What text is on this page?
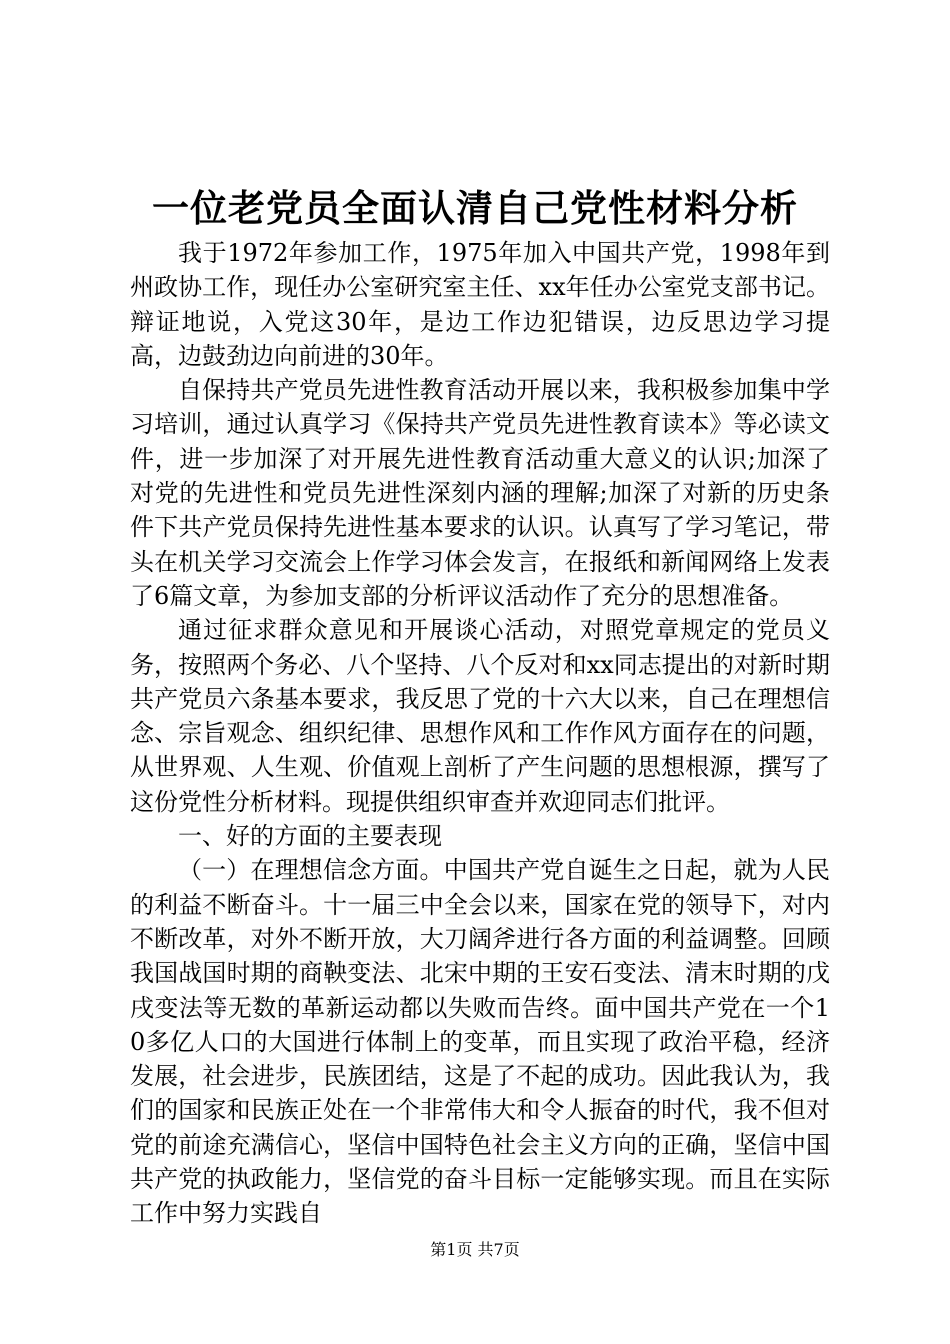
一位老党员全面认清自己党性材料分析

我于1972年参加工作，1975年加入中国共产党，1998年到州政协工作，现任办公室研究室主任、xx年任办公室党支部书记。辩证地说，入党这30年，是边工作边犯错误，边反思边学习提高，边鼓劲边向前进的30年。

自保持共产党员先进性教育活动开展以来，我积极参加集中学习培训，通过认真学习《保持共产党员先进性教育读本》等必读文件，进一步加深了对开展先进性教育活动重大意义的认识;加深了对党的先进性和党员先进性深刻内涵的理解;加深了对新的历史条件下共产党员保持先进性基本要求的认识。认真写了学习笔记，带头在机关学习交流会上作学习体会发言，在报纸和新闻网络上发表了6篇文章，为参加支部的分析评议活动作了充分的思想准备。

通过征求群众意见和开展谈心活动，对照党章规定的党员义务，按照两个务必、八个坚持、八个反对和xx同志提出的对新时期共产党员六条基本要求，我反思了党的十六大以来，自己在理想信念、宗旨观念、组织纪律、思想作风和工作作风方面存在的问题，从世界观、人生观、价值观上剖析了产生问题的思想根源，撰写了这份党性分析材料。现提供组织审查并欢迎同志们批评。

一、好的方面的主要表现

（一）在理想信念方面。中国共产党自诞生之日起，就为人民的利益不断奋斗。十一届三中全会以来，国家在党的领导下，对内不断改革，对外不断开放，大刀阔斧进行各方面的利益调整。回顾我国战国时期的商鞅变法、北宋中期的王安石变法、清末时期的戊戌变法等无数的革新运动都以失败而告终。面中国共产党在一个10多亿人口的大国进行体制上的变革，而且实现了政治平稳，经济发展，社会进步，民族团结，这是了不起的成功。因此我认为，我们的国家和民族正处在一个非常伟大和令人振奋的时代，我不但对党的前途充满信心，坚信中国特色社会主义方向的正确，坚信中国共产党的执政能力，坚信党的奋斗目标一定能够实现。而且在实际工作中努力实践自

第1页 共7页
